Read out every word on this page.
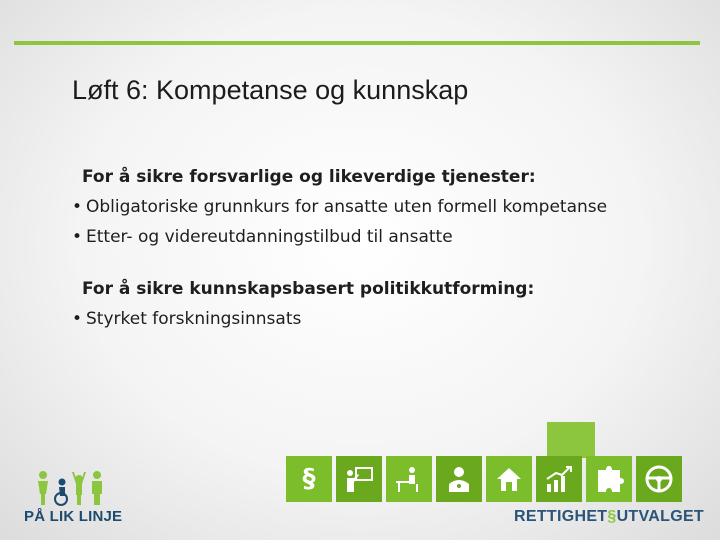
Løft 6: Kompetanse og kunnskap
For å sikre forsvarlige og likeverdige tjenester:
• Obligatoriske grunnkurs for ansatte uten formell kompetanse
• Etter- og videreutdanningstilbud til ansatte
For å sikre kunnskapsbasert politikkutforming:
• Styrket forskningsinnsats
PÅ LIK LINJE
§
RETTIGHET§UTVALGET
